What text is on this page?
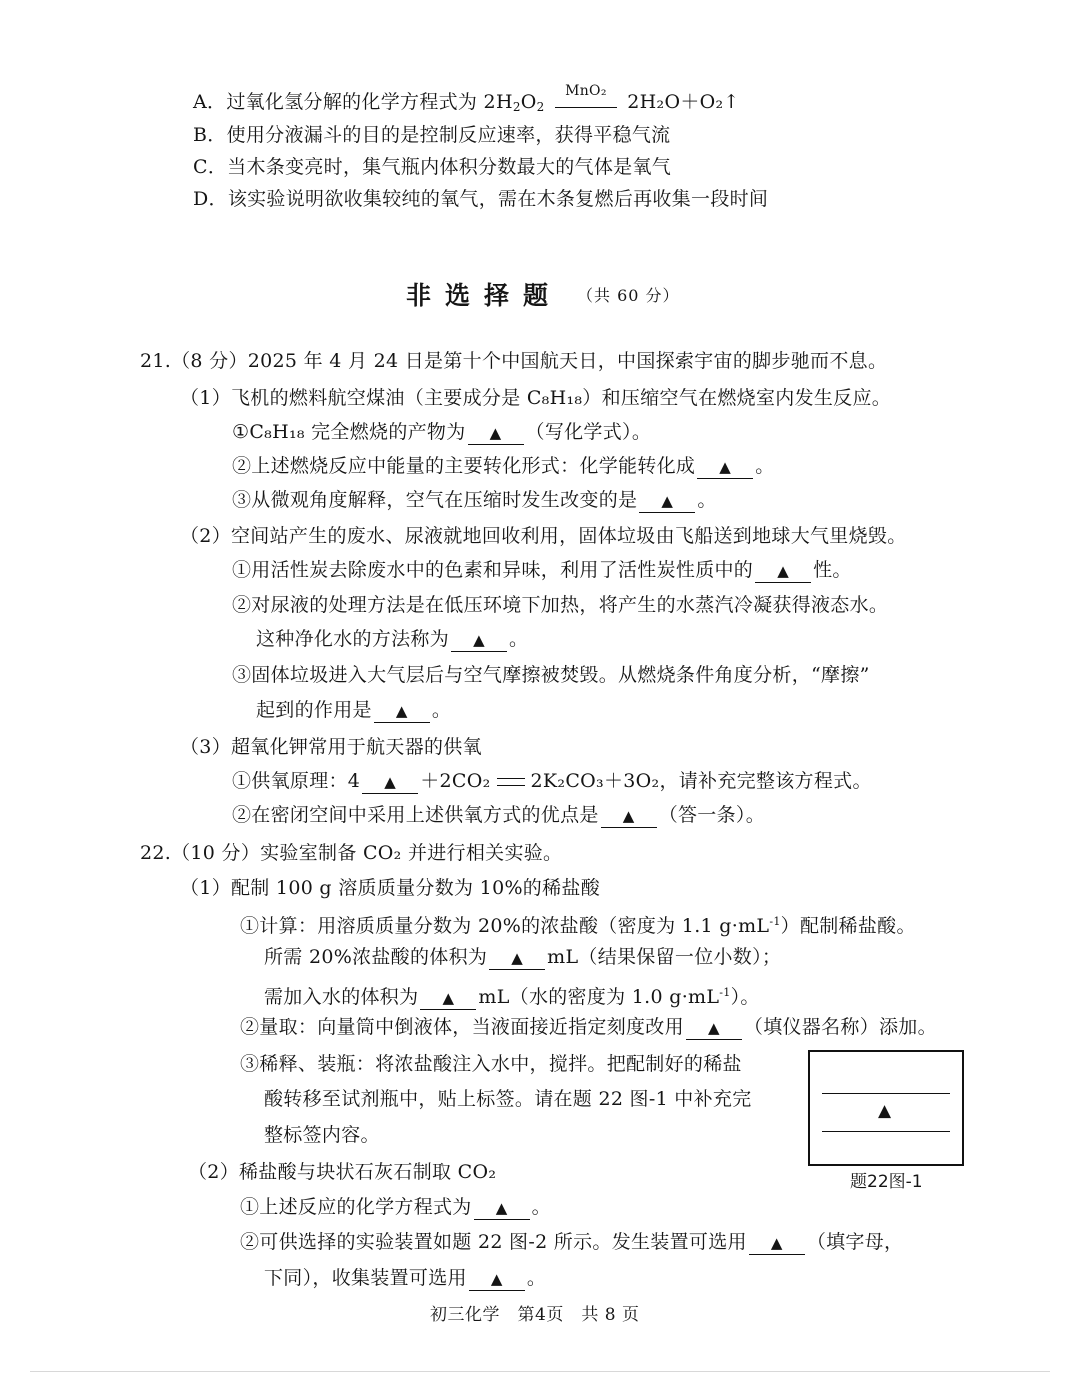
A．过氧化氢分解的化学方程式为 $2H_2O_2$
MnO₂ 2H₂O＋O₂↑
B．使用分液漏斗的目的是控制反应速率，获得平稳气流
C．当木条变亮时，集气瓶内体积分数最大的气体是氧气
D．该实验说明欲收集较纯的氧气，需在木条复燃后再收集一段时间
非选择题 （共 60 分）
21.（8 分）2025 年 4 月 24 日是第十个中国航天日，中国探索宇宙的脚步驰而不息。
（1）飞机的燃料航空煤油（主要成分是 C₈H₁₈）和压缩空气在燃烧室内发生反应。
①C₈H₁₈ 完全燃烧的产物为 ▲ （写化学式）。
②上述燃烧反应中能量的主要转化形式：化学能转化成 ▲ 。
③从微观角度解释，空气在压缩时发生改变的是 ▲ 。
（2）空间站产生的废水、尿液就地回收利用，固体垃圾由飞船送到地球大气里烧毁。
①用活性炭去除废水中的色素和异味，利用了活性炭性质中的 ▲ 性。
②对尿液的处理方法是在低压环境下加热，将产生的水蒸汽冷凝获得液态水。
这种净化水的方法称为 ▲ 。
③固体垃圾进入大气层后与空气摩擦被焚毁。从燃烧条件角度分析，“摩擦”
起到的作用是 ▲ 。
（3）超氧化钾常用于航天器的供氧
①供氧原理：4 ▲ ＋2CO₂ 2K₂CO₃＋3O₂，请补充完整该方程式。
②在密闭空间中采用上述供氧方式的优点是 ▲ （答一条）。
22.（10 分）实验室制备 CO₂ 并进行相关实验。
（1）配制 100 g 溶质质量分数为 10%的稀盐酸
①计算：用溶质质量分数为 20%的浓盐酸（密度为 1.1 $g\cdot mL^{-1}$）配制稀盐酸。
所需 20%浓盐酸的体积为 ▲ mL（结果保留一位小数）；
需加入水的体积为 ▲ mL（水的密度为 1.0 $g\cdot mL^{-1}$）。
②量取：向量筒中倒液体，当液面接近指定刻度改用 ▲ （填仪器名称）添加。
③稀释、装瓶：将浓盐酸注入水中，搅拌。把配制好的稀盐
酸转移至试剂瓶中，贴上标签。请在题 22 图-1 中补充完
整标签内容。
▲
题22图-1
（2）稀盐酸与块状石灰石制取 CO₂
①上述反应的化学方程式为 ▲ 。
②可供选择的实验装置如题 22 图-2 所示。发生装置可选用 ▲ （填字母，
下同），收集装置可选用 ▲ 。
初三化学　第4页　共 8 页
